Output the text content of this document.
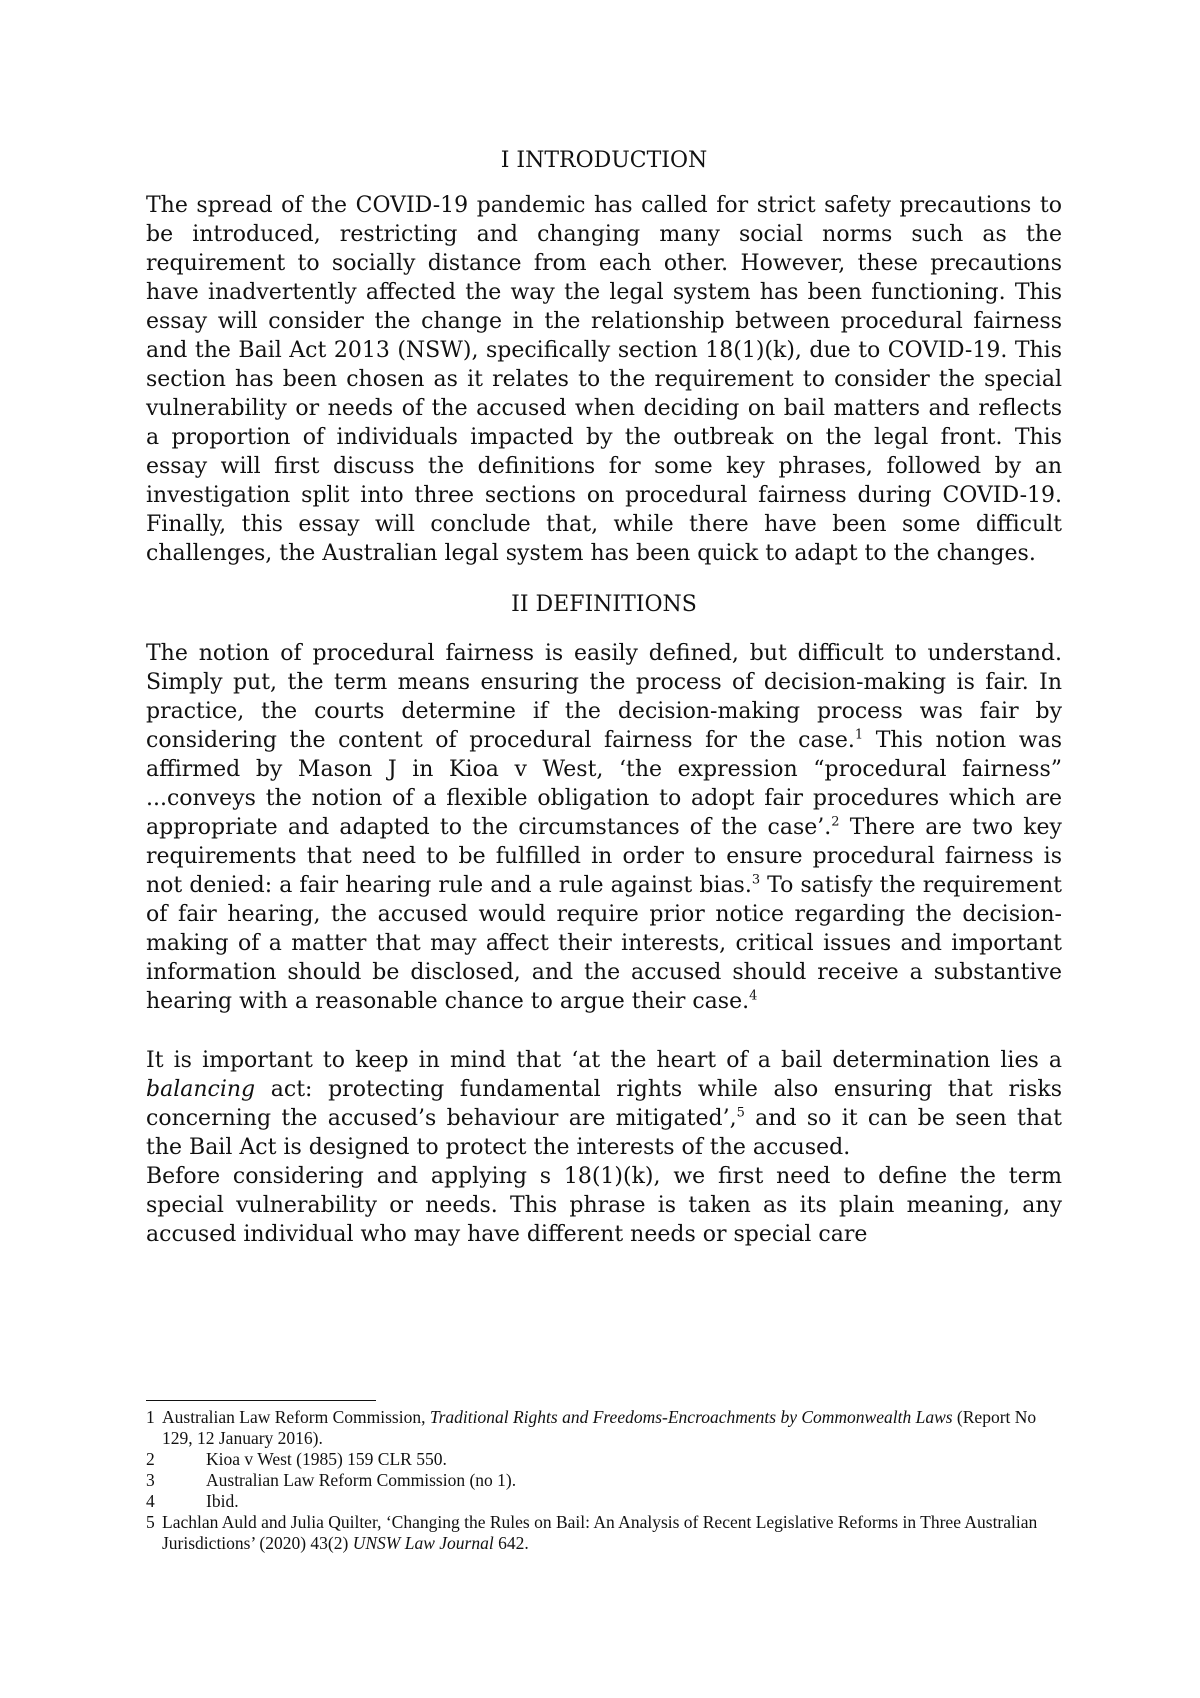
I INTRODUCTION

The spread of the COVID-19 pandemic has called for strict safety precautions to be introduced, restricting and changing many social norms such as the requirement to socially distance from each other. However, these precautions have inadvertently affected the way the legal system has been functioning. This essay will consider the change in the relationship between procedural fairness and the Bail Act 2013 (NSW), specifically section 18(1)(k), due to COVID-19. This section has been chosen as it relates to the requirement to consider the special vulnerability or needs of the accused when deciding on bail matters and reflects a proportion of individuals impacted by the outbreak on the legal front. This essay will first discuss the definitions for some key phrases, followed by an investigation split into three sections on procedural fairness during COVID-19. Finally, this essay will conclude that, while there have been some difficult challenges, the Australian legal system has been quick to adapt to the changes.

II DEFINITIONS

The notion of procedural fairness is easily defined, but difficult to understand. Simply put, the term means ensuring the process of decision-making is fair. In practice, the courts determine if the decision-making process was fair by considering the content of procedural fairness for the case.$^1$ This notion was affirmed by Mason J in Kioa v West, ‘the expression “procedural fairness” ...conveys the notion of a flexible obligation to adopt fair procedures which are appropriate and adapted to the circumstances of the case’.$^2$ There are two key requirements that need to be fulfilled in order to ensure procedural fairness is not denied: a fair hearing rule and a rule against bias.$^3$ To satisfy the requirement of fair hearing, the accused would require prior notice regarding the decision-making of a matter that may affect their interests, critical issues and important information should be disclosed, and the accused should receive a substantive hearing with a reasonable chance to argue their case.$^4$

It is important to keep in mind that ‘at the heart of a bail determination lies a balancing act: protecting fundamental rights while also ensuring that risks concerning the accused’s behaviour are mitigated’,$^5$ and so it can be seen that the Bail Act is designed to protect the interests of the accused.

Before considering and applying s 18(1)(k), we first need to define the term special vulnerability or needs. This phrase is taken as its plain meaning, any accused individual who may have different needs or special care

1 Australian Law Reform Commission, Traditional Rights and Freedoms-Encroachments by Commonwealth Laws (Report No 129, 12 January 2016).

2	Kioa v West (1985) 159 CLR 550.

3	Australian Law Reform Commission (no 1).

4	Ibid.

5 Lachlan Auld and Julia Quilter, ‘Changing the Rules on Bail: An Analysis of Recent Legislative Reforms in Three Australian Jurisdictions’ (2020) 43(2) UNSW Law Journal 642.
